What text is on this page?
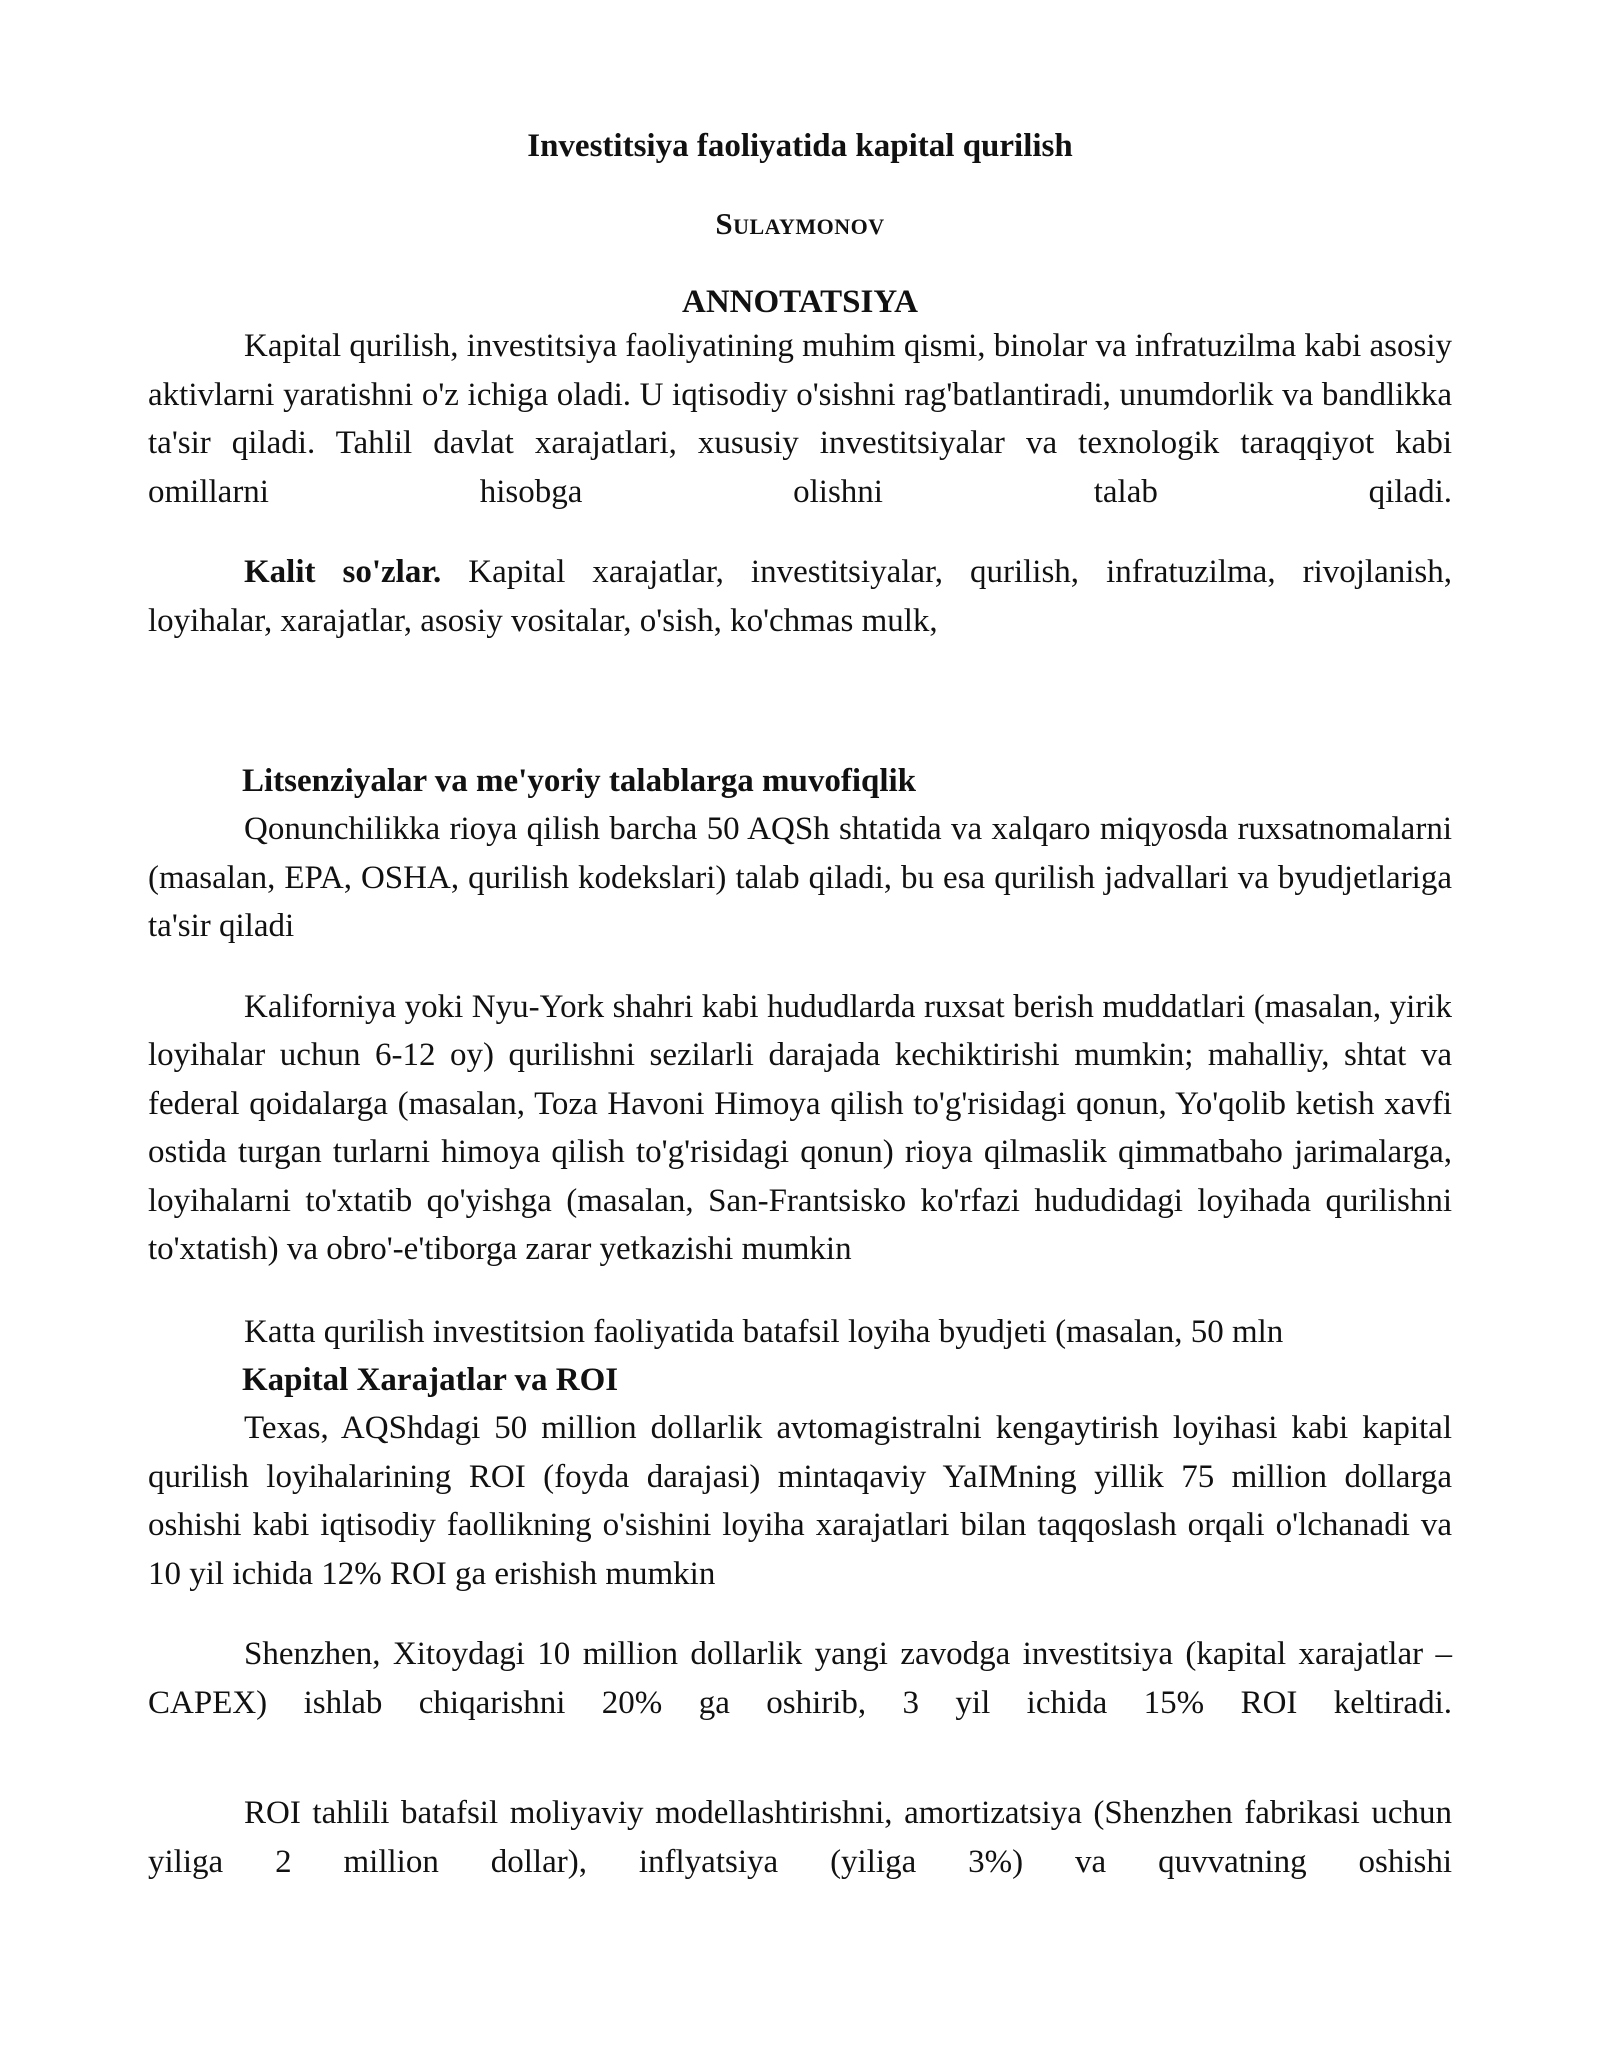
Investitsiya faoliyatida kapital qurilish
Sulaymonov
ANNOTATSIYA

Kapital qurilish, investitsiya faoliyatining muhim qismi, binolar va infratuzilma kabi asosiy aktivlarni yaratishni o'z ichiga oladi. U iqtisodiy o'sishni rag'batlantiradi, unumdorlik va bandlikka ta'sir qiladi. Tahlil davlat xarajatlari, xususiy investitsiyalar va texnologik taraqqiyot kabi omillarni hisobga olishni talab qiladi.

Kalit so'zlar. Kapital xarajatlar, investitsiyalar, qurilish, infratuzilma, rivojlanish, loyihalar, xarajatlar, asosiy vositalar, o'sish, ko'chmas mulk,

Litsenziyalar va me'yoriy talablarga muvofiqlik

Qonunchilikka rioya qilish barcha 50 AQSh shtatida va xalqaro miqyosda ruxsatnomalarni (masalan, EPA, OSHA, qurilish kodekslari) talab qiladi, bu esa qurilish jadvallari va byudjetlariga ta'sir qiladi

Kaliforniya yoki Nyu-York shahri kabi hududlarda ruxsat berish muddatlari (masalan, yirik loyihalar uchun 6-12 oy) qurilishni sezilarli darajada kechiktirishi mumkin; mahalliy, shtat va federal qoidalarga (masalan, Toza Havoni Himoya qilish to'g'risidagi qonun, Yo'qolib ketish xavfi ostida turgan turlarni himoya qilish to'g'risidagi qonun) rioya qilmaslik qimmatbaho jarimalarga, loyihalarni to'xtatib qo'yishga (masalan, San-Frantsisko ko'rfazi hududidagi loyihada qurilishni to'xtatish) va obro'-e'tiborga zarar yetkazishi mumkin

Katta qurilish investitsion faoliyatida batafsil loyiha byudjeti (masalan, 50 mln

Kapital Xarajatlar va ROI

Texas, AQShdagi 50 million dollarlik avtomagistralni kengaytirish loyihasi kabi kapital qurilish loyihalarining ROI (foyda darajasi) mintaqaviy YaIMning yillik 75 million dollarga oshishi kabi iqtisodiy faollikning o'sishini loyiha xarajatlari bilan taqqoslash orqali o'lchanadi va 10 yil ichida 12% ROI ga erishish mumkin

Shenzhen, Xitoydagi 10 million dollarlik yangi zavodga investitsiya (kapital xarajatlar – CAPEX) ishlab chiqarishni 20% ga oshirib, 3 yil ichida 15% ROI keltiradi.

ROI tahlili batafsil moliyaviy modellashtirishni, amortizatsiya (Shenzhen fabrikasi uchun yiliga 2 million dollar), inflyatsiya (yiliga 3%) va quvvatning oshishi
